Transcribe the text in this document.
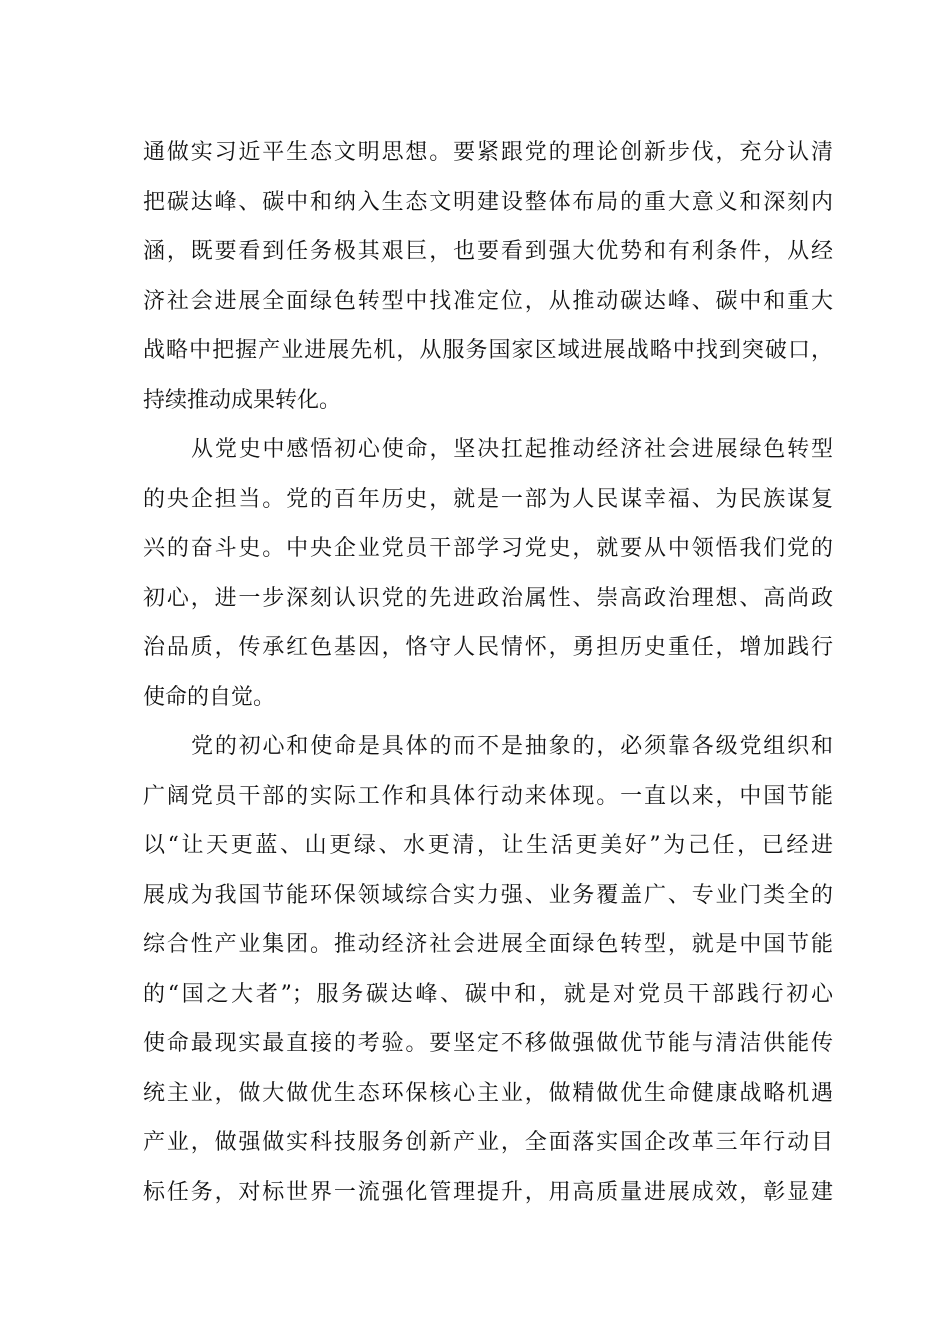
通做实习近平生态文明思想。要紧跟党的理论创新步伐，充分认清

把碳达峰、碳中和纳入生态文明建设整体布局的重大意义和深刻内

涵，既要看到任务极其艰巨，也要看到强大优势和有利条件，从经

济社会进展全面绿色转型中找准定位，从推动碳达峰、碳中和重大

战略中把握产业进展先机，从服务国家区域进展战略中找到突破口，

持续推动成果转化。

从党史中感悟初心使命，坚决扛起推动经济社会进展绿色转型

的央企担当。党的百年历史，就是一部为人民谋幸福、为民族谋复

兴的奋斗史。中央企业党员干部学习党史，就要从中领悟我们党的

初心，进一步深刻认识党的先进政治属性、崇高政治理想、高尚政

治品质，传承红色基因，恪守人民情怀，勇担历史重任，增加践行

使命的自觉。

党的初心和使命是具体的而不是抽象的，必须靠各级党组织和

广阔党员干部的实际工作和具体行动来体现。一直以来，中国节能

以“让天更蓝、山更绿、水更清，让生活更美好”为己任，已经进

展成为我国节能环保领域综合实力强、业务覆盖广、专业门类全的

综合性产业集团。推动经济社会进展全面绿色转型，就是中国节能

的“国之大者”；服务碳达峰、碳中和，就是对党员干部践行初心

使命最现实最直接的考验。要坚定不移做强做优节能与清洁供能传

统主业，做大做优生态环保核心主业，做精做优生命健康战略机遇

产业，做强做实科技服务创新产业，全面落实国企改革三年行动目

标任务，对标世界一流强化管理提升，用高质量进展成效，彰显建
